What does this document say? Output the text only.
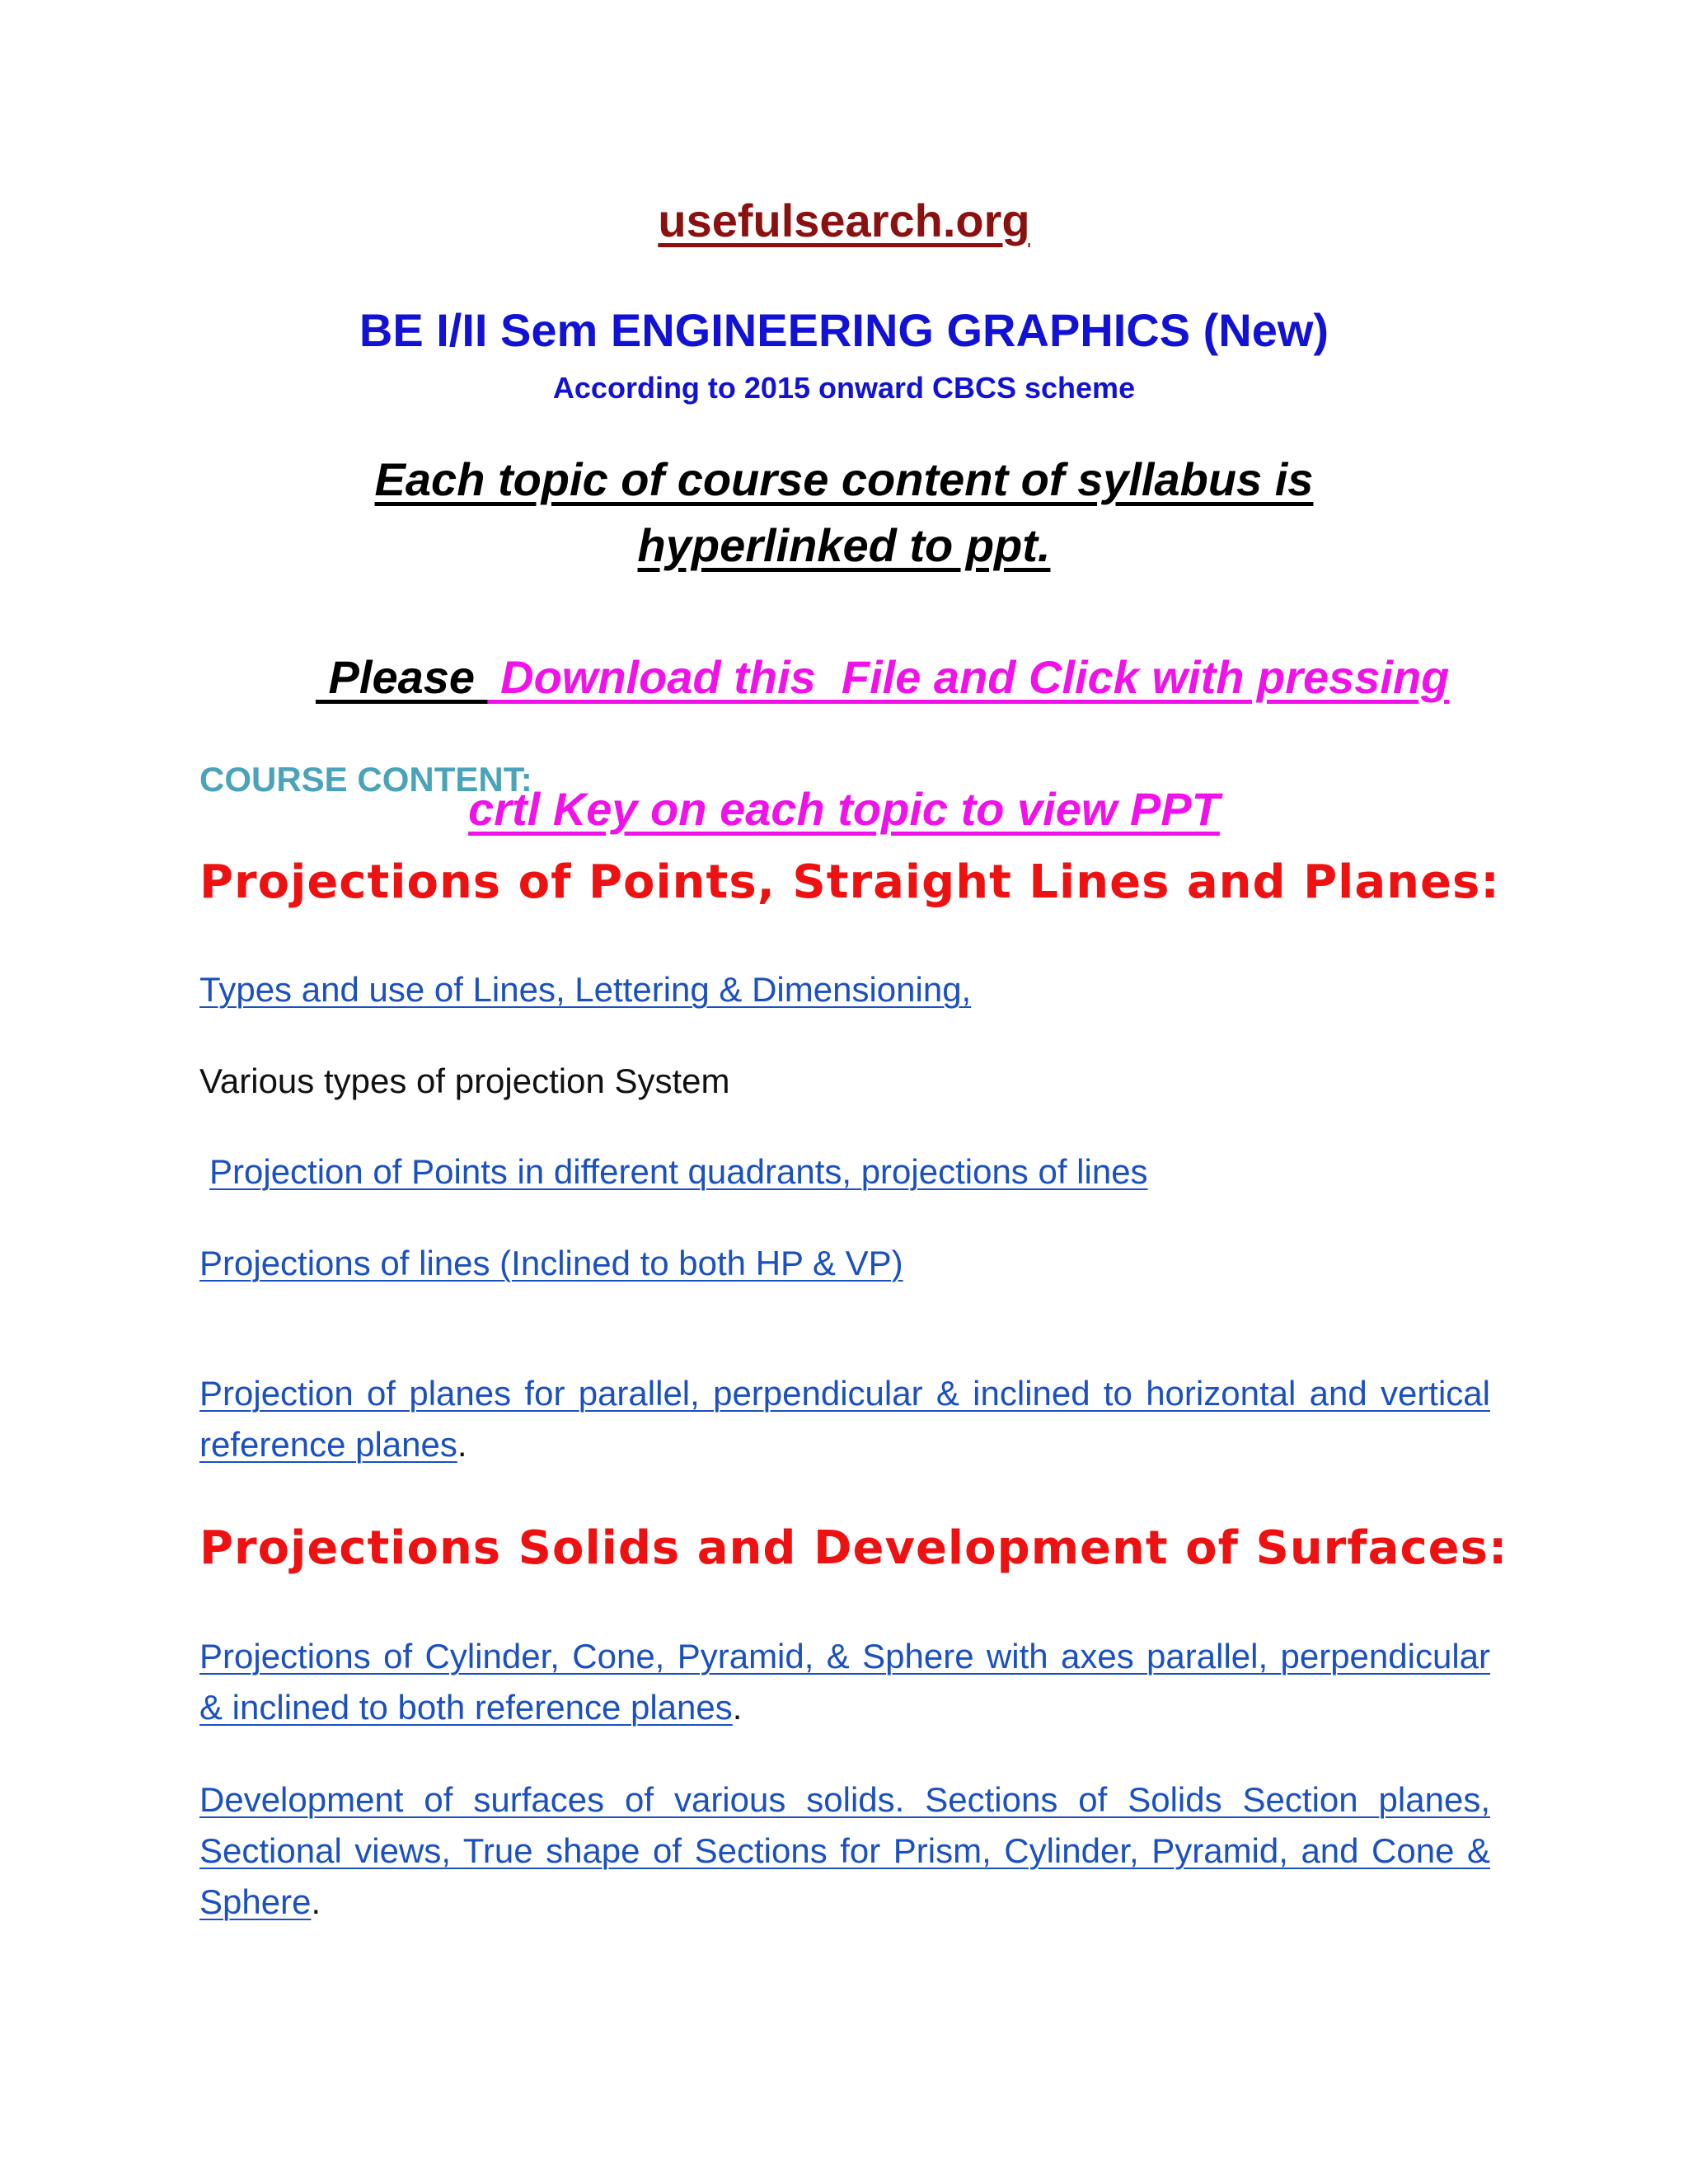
usefulsearch.org
BE I/II Sem ENGINEERING GRAPHICS (New)
According to 2015 onward CBCS scheme
Each topic of course content of syllabus is
hyperlinked to ppt.

Please  Download this  File and Click with pressing

crtl Key on each topic to view PPT
COURSE CONTENT:
Projections of Points, Straight Lines and Planes:
Types and use of Lines, Lettering & Dimensioning,
Various types of projection System
Projection of Points in different quadrants, projections of lines
Projections of lines (Inclined to both HP & VP)
Projection of planes for parallel, perpendicular & inclined to horizontal and vertical reference planes.
Projections Solids and Development of Surfaces:
Projections of Cylinder, Cone, Pyramid, & Sphere with axes parallel, perpendicular & inclined to both reference planes.
Development of surfaces of various solids. Sections of Solids Section planes, Sectional views, True shape of Sections for Prism, Cylinder, Pyramid, and Cone & Sphere.
